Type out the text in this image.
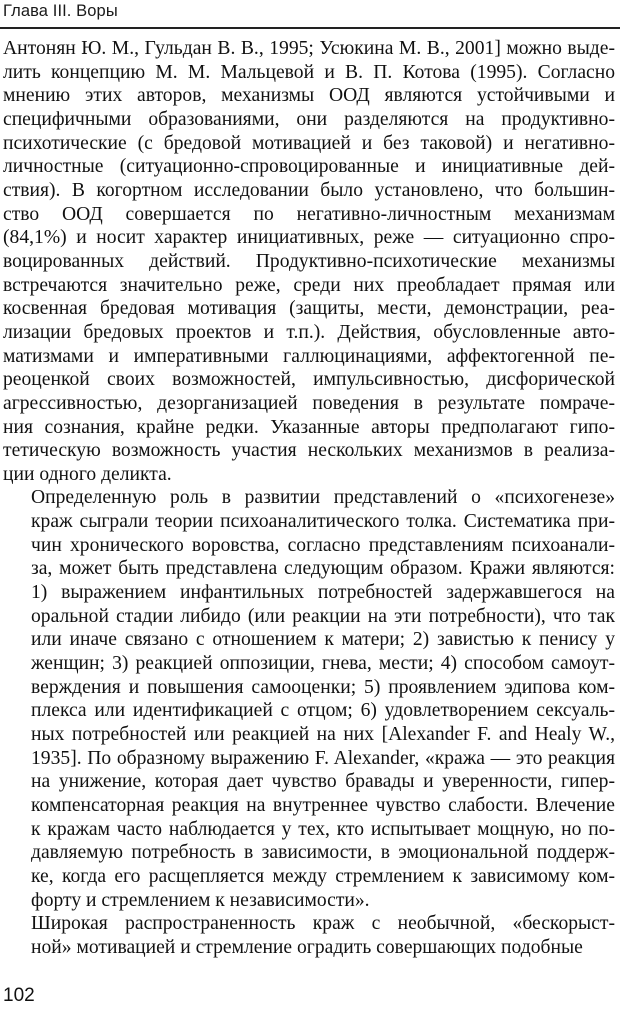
Глава III. Воры

Антонян Ю. М., Гульдан В. В., 1995; Усюкина М. В., 2001] можно выде-
лить концепцию М. М. Мальцевой и В. П. Котова (1995). Согласно
мнению этих авторов, механизмы ООД являются устойчивыми и
специфичными образованиями, они разделяются на продуктивно-
психотические (с бредовой мотивацией и без таковой) и негативно-
личностные (ситуационно-спровоцированные и инициативные дей-
ствия). В когортном исследовании было установлено, что большин-
ство ООД совершается по негативно-личностным механизмам
(84,1%) и носит характер инициативных, реже — ситуационно спро-
воцированных действий. Продуктивно-психотические механизмы
встречаются значительно реже, среди них преобладает прямая или
косвенная бредовая мотивация (защиты, мести, демонстрации, реа-
лизации бредовых проектов и т.п.). Действия, обусловленные авто-
матизмами и императивными галлюцинациями, аффектогенной пе-
реоценкой своих возможностей, импульсивностью, дисфорической
агрессивностью, дезорганизацией поведения в результате помраче-
ния сознания, крайне редки. Указанные авторы предполагают гипо-
тетическую возможность участия нескольких механизмов в реализа-
ции одного деликта.

Определенную роль в развитии представлений о «психогенезе»
краж сыграли теории психоаналитического толка. Систематика при-
чин хронического воровства, согласно представлениям психоанали-
за, может быть представлена следующим образом. Кражи являются:
1) выражением инфантильных потребностей задержавшегося на
оральной стадии либидо (или реакции на эти потребности), что так
или иначе связано с отношением к матери; 2) завистью к пенису у
женщин; 3) реакцией оппозиции, гнева, мести; 4) способом самоут-
верждения и повышения самооценки; 5) проявлением эдипова ком-
плекса или идентификацией с отцом; 6) удовлетворением сексуаль-
ных потребностей или реакцией на них [Alexander F. and Healy W.,
1935]. По образному выражению F. Alexander, «кража — это реакция
на унижение, которая дает чувство бравады и уверенности, гипер-
компенсаторная реакция на внутреннее чувство слабости. Влечение
к кражам часто наблюдается у тех, кто испытывает мощную, но по-
давляемую потребность в зависимости, в эмоциональной поддерж-
ке, когда его расщепляется между стремлением к зависимому ком-
форту и стремлением к независимости».

Широкая распространенность краж с необычной, «бескорыст-
ной» мотивацией и стремление оградить совершающих подобные

102
